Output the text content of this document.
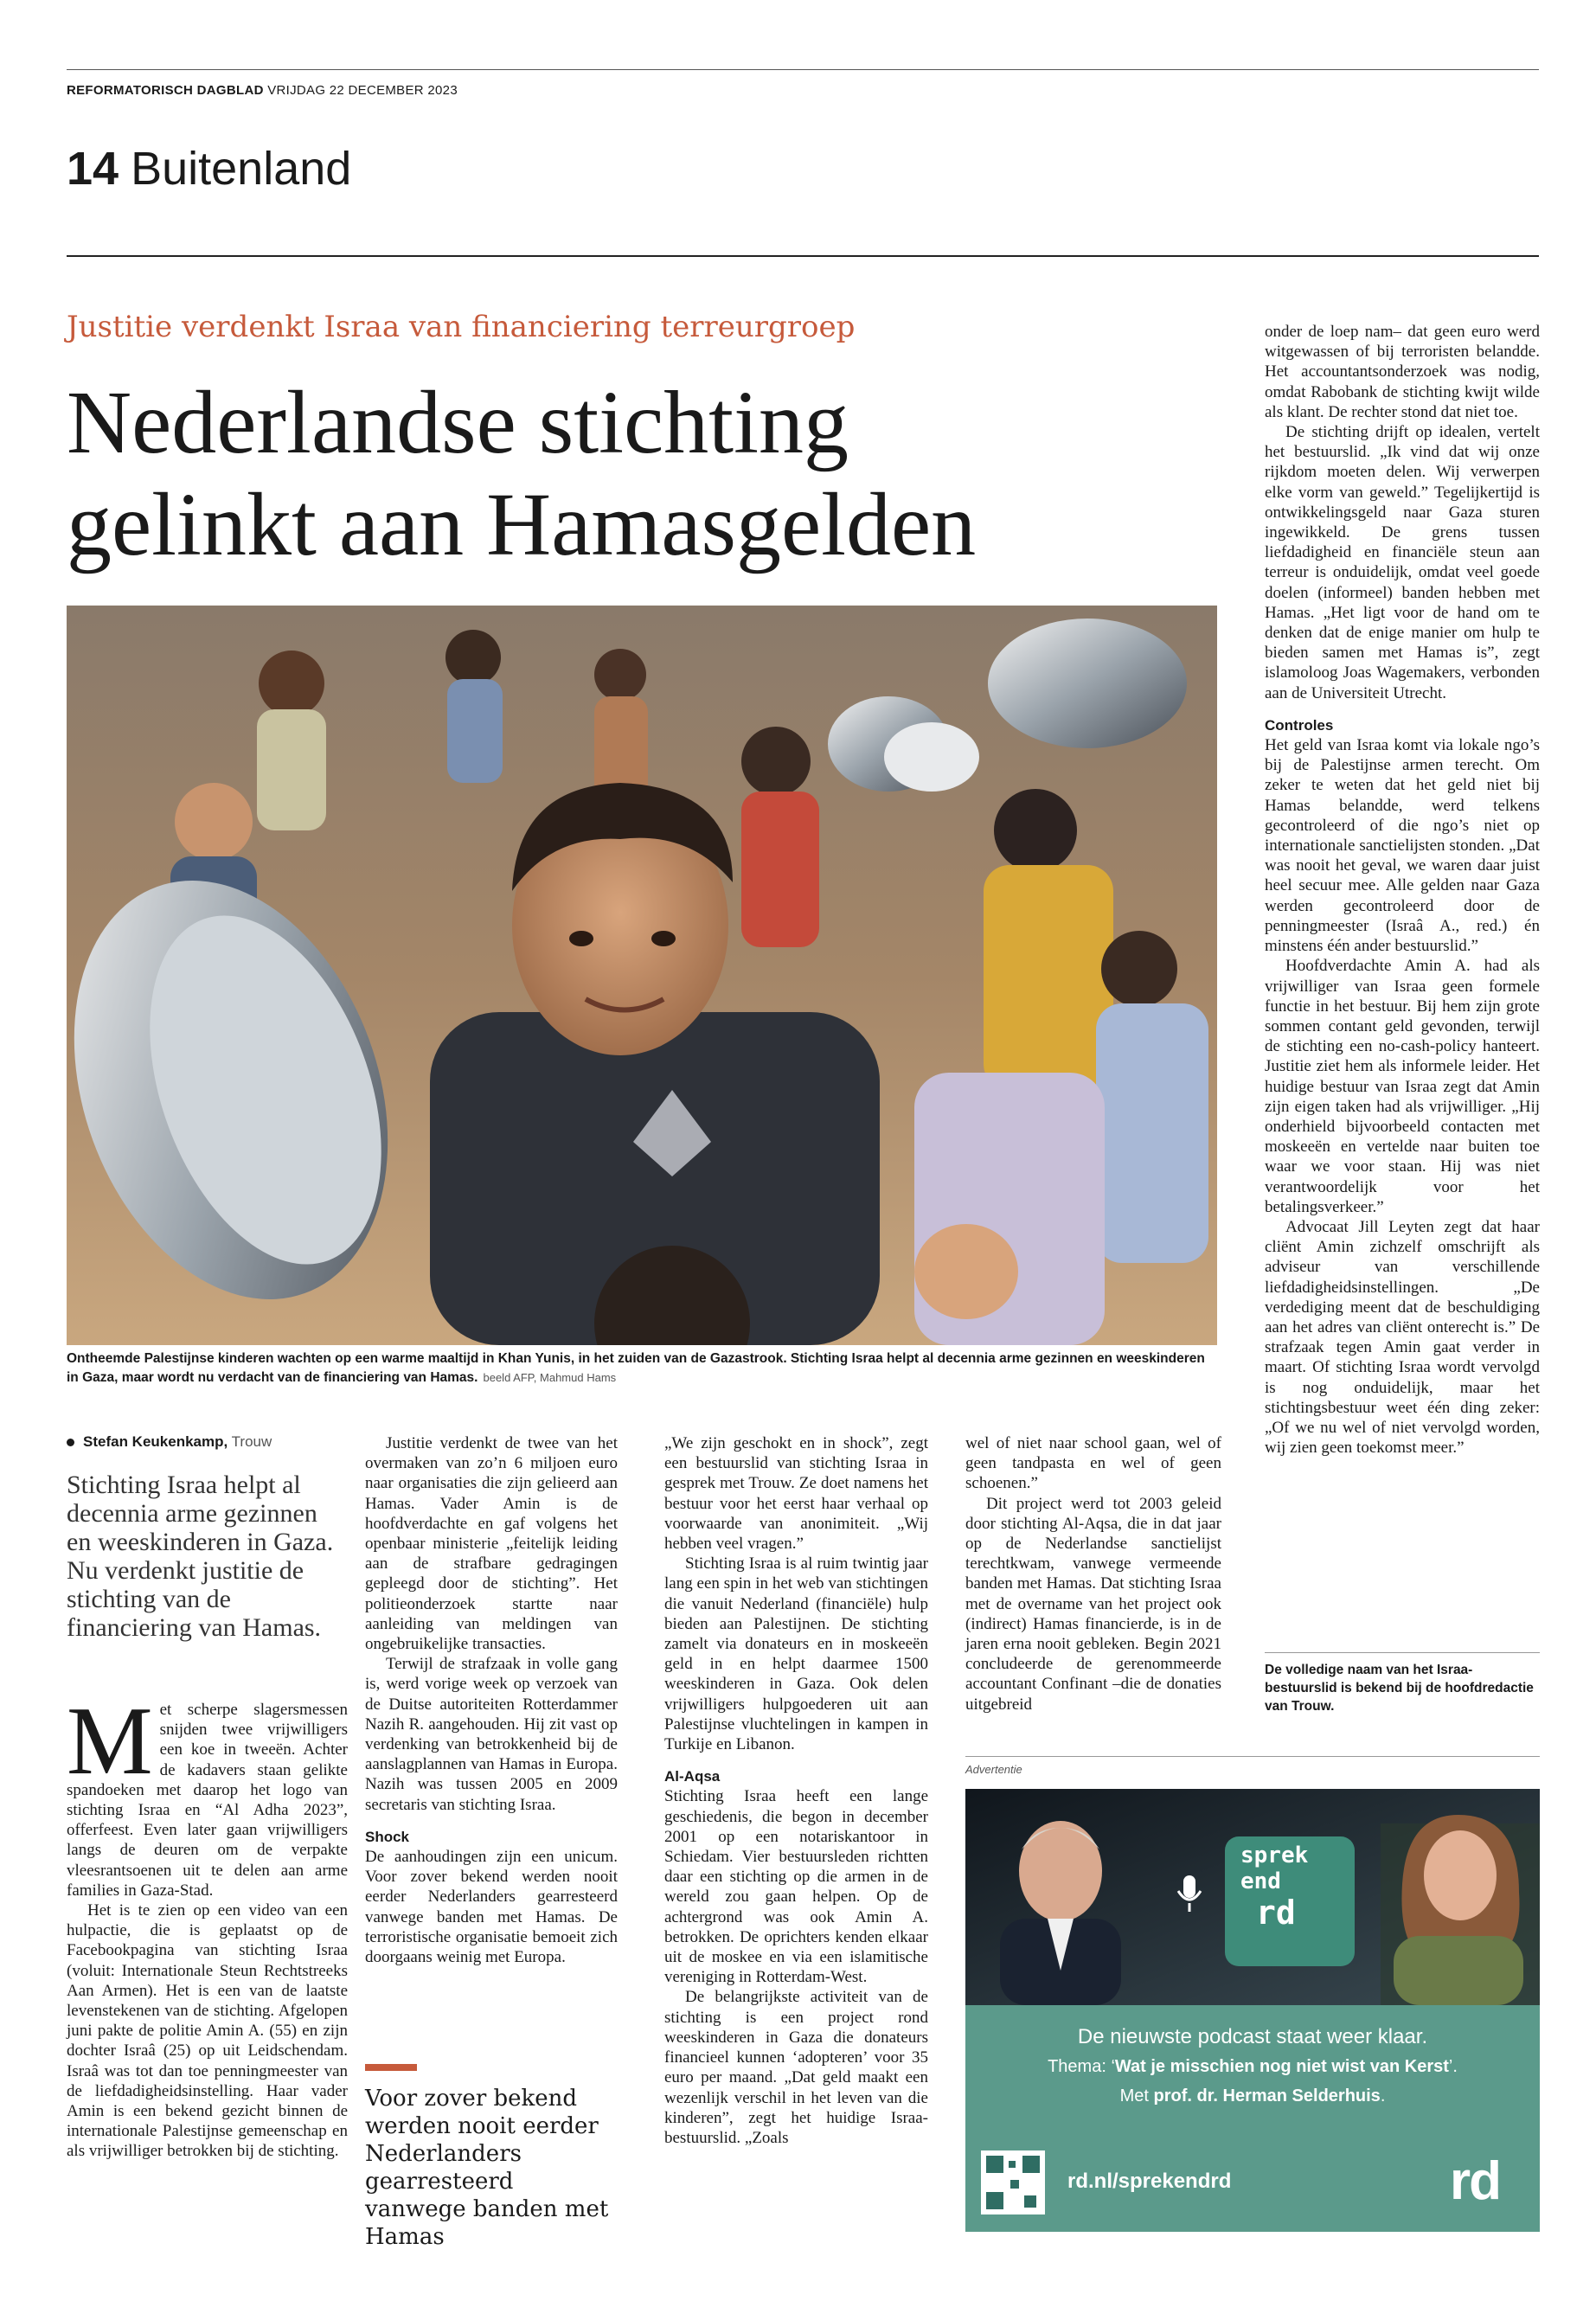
REFORMATORISCH DAGBLAD VRIJDAG 22 DECEMBER 2023
14 Buitenland
Justitie verdenkt Israa van financiering terreurgroep
Nederlandse stichting
gelinkt aan Hamasgelden
Ontheemde Palestijnse kinderen wachten op een warme maaltijd in Khan Yunis, in het zuiden van de Gazastrook. Stichting Israa helpt al decennia arme gezinnen en weeskinderen in Gaza, maar wordt nu verdacht van de financiering van Hamas. beeld AFP, Mahmud Hams
Stefan Keukenkamp, Trouw
Stichting Israa helpt al decennia arme gezinnen en weeskinderen in Gaza. Nu verdenkt justitie de stichting van de financiering van Hamas.

Met scherpe slagersmessen snijden twee vrijwilligers een koe in tweeën. Achter de kadavers staan gelikte spandoeken met daarop het logo van stichting Israa en “Al Adha 2023”, offerfeest. Even later gaan vrijwilligers langs de deuren om de verpakte vleesrantsoenen uit te delen aan arme families in Gaza-Stad.

Het is te zien op een video van een hulpactie, die is geplaatst op de Facebookpagina van stichting Israa (voluit: Internationale Steun Rechtstreeks Aan Armen). Het is een van de laatste levenstekenen van de stichting. Afgelopen juni pakte de politie Amin A. (55) en zijn dochter Israâ (25) op uit Leidschendam. Israâ was tot dan toe penningmeester van de liefdadigheidsinstelling. Haar vader Amin is een bekend gezicht binnen de internationale Palestijnse gemeenschap en als vrijwilliger betrokken bij de stichting.

Justitie verdenkt de twee van het overmaken van zo’n 6 miljoen euro naar organisaties die zijn gelieerd aan Hamas. Vader Amin is de hoofdverdachte en gaf volgens het openbaar ministerie „feitelijk leiding aan de strafbare gedragingen gepleegd door de stichting”. Het politieonderzoek startte naar aanleiding van meldingen van ongebruikelijke transacties.

Terwijl de strafzaak in volle gang is, werd vorige week op verzoek van de Duitse autoriteiten Rotterdammer Nazih R. aangehouden. Hij zit vast op verdenking van betrokkenheid bij de aanslagplannen van Hamas in Europa. Nazih was tussen 2005 en 2009 secretaris van stichting Israa.

Shock

De aanhoudingen zijn een unicum. Voor zover bekend werden nooit eerder Nederlanders gearresteerd vanwege banden met Hamas. De terroristische organisatie bemoeit zich doorgaans weinig met Europa.

Voor zover bekend werden nooit eerder Nederlanders gearresteerd vanwege banden met Hamas

„We zijn geschokt en in shock”, zegt een bestuurslid van stichting Israa in gesprek met Trouw. Ze doet namens het bestuur voor het eerst haar verhaal op voorwaarde van anonimiteit. „Wij hebben veel vragen.”

Stichting Israa is al ruim twintig jaar lang een spin in het web van stichtingen die vanuit Nederland (financiële) hulp bieden aan Palestijnen. De stichting zamelt via donateurs en in moskeeën geld in en helpt daarmee 1500 weeskinderen in Gaza. Ook delen vrijwilligers hulpgoederen uit aan Palestijnse vluchtelingen in kampen in Turkije en Libanon.

Al-Aqsa

Stichting Israa heeft een lange geschiedenis, die begon in december 2001 op een notariskantoor in Schiedam. Vier bestuursleden richtten daar een stichting op die armen in de wereld zou gaan helpen. Op de achtergrond was ook Amin A. betrokken. De oprichters kenden elkaar uit de moskee en via een islamitische vereniging in Rotterdam-West.

De belangrijkste activiteit van de stichting is een project rond weeskinderen in Gaza die donateurs financieel kunnen ‘adopteren’ voor 35 euro per maand. „Dat geld maakt een wezenlijk verschil in het leven van die kinderen”, zegt het huidige Israa-bestuurslid. „Zoals

wel of niet naar school gaan, wel of geen tandpasta en wel of geen schoenen.”

Dit project werd tot 2003 geleid door stichting Al-Aqsa, die in dat jaar op de Nederlandse sanctielijst terechtkwam, vanwege vermeende banden met Hamas. Dat stichting Israa met de overname van het project ook (indirect) Hamas financierde, is in de jaren erna nooit gebleken. Begin 2021 concludeerde de gerenommeerde accountant Confinant –die de donaties uitgebreid

onder de loep nam– dat geen euro werd witgewassen of bij terroristen belandde. Het accountantsonderzoek was nodig, omdat Rabobank de stichting kwijt wilde als klant. De rechter stond dat niet toe.

De stichting drijft op idealen, vertelt het bestuurslid. „Ik vind dat wij onze rijkdom moeten delen. Wij verwerpen elke vorm van geweld.” Tegelijkertijd is ontwikkelingsgeld naar Gaza sturen ingewikkeld. De grens tussen liefdadigheid en financiële steun aan terreur is onduidelijk, omdat veel goede doelen (informeel) banden hebben met Hamas. „Het ligt voor de hand om te denken dat de enige manier om hulp te bieden samen met Hamas is”, zegt islamoloog Joas Wagemakers, verbonden aan de Universiteit Utrecht.

Controles

Het geld van Israa komt via lokale ngo’s bij de Palestijnse armen terecht. Om zeker te weten dat het geld niet bij Hamas belandde, werd telkens gecontroleerd of die ngo’s niet op internationale sanctielijsten stonden. „Dat was nooit het geval, we waren daar juist heel secuur mee. Alle gelden naar Gaza werden gecontroleerd door de penningmeester (Israâ A., red.) én minstens één ander bestuurslid.”

Hoofdverdachte Amin A. had als vrijwilliger van Israa geen formele functie in het bestuur. Bij hem zijn grote sommen contant geld gevonden, terwijl de stichting een no-cash-policy hanteert. Justitie ziet hem als informele leider. Het huidige bestuur van Israa zegt dat Amin zijn eigen taken had als vrijwilliger. „Hij onderhield bijvoorbeeld contacten met moskeeën en vertelde naar buiten toe waar we voor staan. Hij was niet verantwoordelijk voor het betalingsverkeer.”

Advocaat Jill Leyten zegt dat haar cliënt Amin zichzelf omschrijft als adviseur van verschillende liefdadigheidsinstellingen. „De verdediging meent dat de beschuldiging aan het adres van cliënt onterecht is.” De strafzaak tegen Amin gaat verder in maart. Of stichting Israa wordt vervolgd is nog onduidelijk, maar het stichtingsbestuur weet één ding zeker: „Of we nu wel of niet vervolgd worden, wij zien geen toekomst meer.”

De volledige naam van het Israa-bestuurslid is bekend bij de hoofdredactie van Trouw.
Advertentie
sprek
end
rd
De nieuwste podcast staat weer klaar.
Thema: ‘Wat je misschien nog niet wist van Kerst’.
Met prof. dr. Herman Selderhuis.
rd.nl/sprekendrd	rd
